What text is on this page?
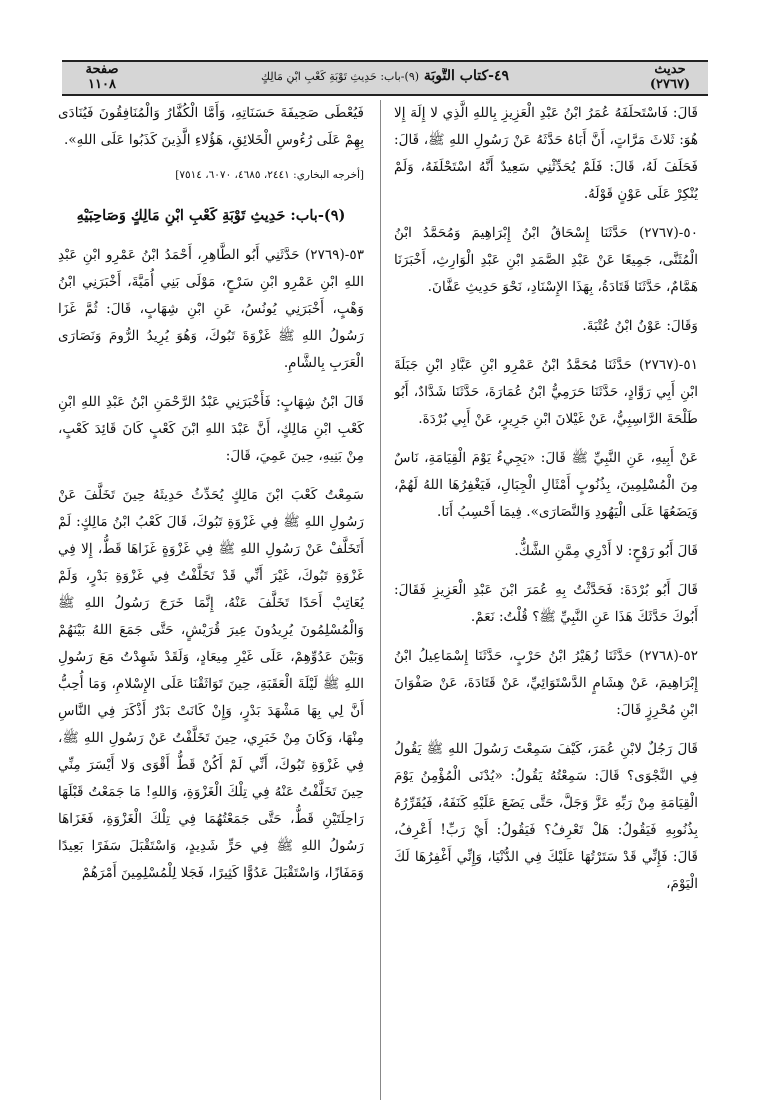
حديث
(٢٧٦٧)
٤٩-كتاب التَّوبَة (٩)-باب: حَدِيثِ تَوْبَةِ كَعْبِ ابْنِ مَالِكٍ
صفحة
١١٠٨

قَالَ: فَاسْتَحلَفَهُ عُمَرُ ابْنُ عَبْدِ الْعَزِيزِ بِاللهِ الَّذِي لا إِلَهَ إِلا هُوَ: ثَلاثَ مَرَّاتٍ، أَنَّ أَبَاهُ حَدَّثَهُ عَنْ رَسُولِ اللهِ ﷺ، قَالَ: فَحَلَفَ لَهُ، قَالَ: فَلَمْ يُحَدِّثْنِي سَعِيدٌ أَنَّهُ اسْتَحْلَفَهُ، وَلَمْ يُنْكِرْ عَلَى عَوْنٍ قَوْلَهُ.

٥٠-(٢٧٦٧) حَدَّثَنَا إِسْحَاقُ ابْنُ إِبْرَاهِيمَ وَمُحَمَّدُ ابْنُ الْمُثَنَّى، جَمِيعًا عَنْ عَبْدِ الصَّمَدِ ابْنِ عَبْدِ الْوَارِثِ، أَخْبَرَنَا هَمَّامٌ، حَدَّثَنَا قَتَادَةُ، بِهَذَا الإِسْنَادِ، نَحْوَ حَدِيثِ عَفَّانَ.

وَقَالَ: عَوْنُ ابْنُ عُتْبَةَ.

٥١-(٢٧٦٧) حَدَّثَنَا مُحَمَّدُ ابْنُ عَمْرِو ابْنِ عَبَّادِ ابْنِ جَبَلَةَ ابْنِ أَبِي رَوَّادٍ، حَدَّثَنَا حَرَمِيُّ ابْنُ عُمَارَةَ، حَدَّثَنَا شَدَّادٌ، أَبُو طَلْحَةَ الرَّاسِبِيُّ، عَنْ غَيْلانَ ابْنِ جَرِيرٍ، عَنْ أَبِي بُرْدَةَ.

عَنْ أَبِيهِ، عَنِ النَّبِيِّ ﷺ قَالَ: «يَجِيءُ يَوْمَ الْقِيَامَةِ، نَاسٌ مِنَ الْمُسْلِمِينَ، بِذُنُوبٍ أَمْثَالِ الْجِبَالِ، فَيَغْفِرُهَا اللهُ لَهُمْ، وَيَضَعُهَا عَلَى الْيَهُودِ وَالنَّصَارَى». فِيمَا أَحْسِبُ أَنَا.

قَالَ أَبُو رَوْحٍ: لا أَدْرِي مِمَّنِ الشَّكُّ.

قَالَ أَبُو بُرْدَةَ: فَحَدَّثْتُ بِهِ عُمَرَ ابْنَ عَبْدِ الْعَزِيزِ فَقَالَ: أَبُوكَ حَدَّثَكَ هَذَا عَنِ النَّبِيِّ ﷺ؟ قُلْتُ: نَعَمْ.

٥٢-(٢٧٦٨) حَدَّثَنَا زُهَيْرُ ابْنُ حَرْبٍ، حَدَّثَنَا إِسْمَاعِيلُ ابْنُ إِبْرَاهِيمَ، عَنْ هِشَامٍ الدَّسْتَوَائِيِّ، عَنْ قَتَادَةَ، عَنْ صَفْوَانَ ابْنِ مُحْرِزٍ قَالَ:

قَالَ رَجُلٌ لابْنِ عُمَرَ، كَيْفَ سَمِعْتَ رَسُولَ اللهِ ﷺ يَقُولُ فِي النَّجْوَى؟ قَالَ: سَمِعْتُهُ يَقُولُ: «يُدْنَى الْمُؤْمِنُ يَوْمَ الْقِيَامَةِ مِنْ رَبِّهِ عَزَّ وَجَلَّ، حَتَّى يَضَعَ عَلَيْهِ كَنَفَهُ، فَيُقَرِّرُهُ بِذُنُوبِهِ فَيَقُولُ: هَلْ تَعْرِفُ؟ فَيَقُولُ: أَيْ رَبِّ! أَعْرِفُ، قَالَ: فَإِنِّي قَدْ سَتَرْتُهَا عَلَيْكَ فِي الدُّنْيَا، وَإِنِّي أَغْفِرُهَا لَكَ الْيَوْمَ،

فَيُعْطَى صَحِيفَةَ حَسَنَاتِهِ، وَأَمَّا الْكُفَّارُ وَالْمُنَافِقُونَ فَيُنَادَى بِهِمْ عَلَى رُءُوسِ الْخَلائِقِ، هَؤُلاءِ الَّذِينَ كَذَبُوا عَلَى اللهِ».

[أخرجه البخاري: ٢٤٤١، ٤٦٨٥، ٦٠٧٠، ٧٥١٤]

(٩)-باب: حَدِيثِ تَوْبَةِ كَعْبِ ابْنِ مَالِكٍ وَصَاحِبَيْهِ

٥٣-(٢٧٦٩) حَدَّثَنِي أَبُو الطَّاهِرِ، أَحْمَدُ ابْنُ عَمْرِو ابْنِ عَبْدِ اللهِ ابْنِ عَمْرِو ابْنِ سَرْحٍ، مَوْلَى بَنِي أُمَيَّةَ، أَخْبَرَنِي ابْنُ وَهْبٍ، أَخْبَرَنِي يُونُسُ، عَنِ ابْنِ شِهَابٍ، قَالَ: ثُمَّ غَزَا رَسُولُ اللهِ ﷺ غَزْوَةَ تَبُوكَ، وَهُوَ يُرِيدُ الرُّومَ وَنَصَارَى الْعَرَبِ بِالشَّامِ.

قَالَ ابْنُ شِهَابٍ: فَأَخْبَرَنِي عَبْدُ الرَّحْمَنِ ابْنُ عَبْدِ اللهِ ابْنِ كَعْبِ ابْنِ مَالِكٍ، أَنَّ عَبْدَ اللهِ ابْنَ كَعْبٍ كَانَ قَائِدَ كَعْبٍ، مِنْ بَنِيهِ، حِينَ عَمِيَ، قَالَ:

سَمِعْتُ كَعْبَ ابْنَ مَالِكٍ يُحَدِّثُ حَدِيثَهُ حِينَ تَخَلَّفَ عَنْ رَسُولِ اللهِ ﷺ فِي غَزْوَةِ تَبُوكَ، قَالَ كَعْبُ ابْنُ مَالِكٍ: لَمْ أَتَخَلَّفْ عَنْ رَسُولِ اللهِ ﷺ فِي غَزْوَةٍ غَزَاهَا قَطُّ، إِلا فِي غَزْوَةِ تَبُوكَ، غَيْرَ أَنِّي قَدْ تَخَلَّفْتُ فِي غَزْوَةِ بَدْرٍ، وَلَمْ يُعَاتِبْ أَحَدًا تَخَلَّفَ عَنْهُ، إِنَّمَا خَرَجَ رَسُولُ اللهِ ﷺ وَالْمُسْلِمُونَ يُرِيدُونَ عِيرَ قُرَيْشٍ، حَتَّى جَمَعَ اللهُ بَيْنَهُمْ وَبَيْنَ عَدُوِّهِمْ، عَلَى غَيْرِ مِيعَادٍ، وَلَقَدْ شَهِدْتُ مَعَ رَسُولِ اللهِ ﷺ لَيْلَةَ الْعَقَبَةِ، حِينَ تَوَاثَقْنَا عَلَى الإِسْلامِ، وَمَا أُحِبُّ أَنَّ لِي بِهَا مَشْهَدَ بَدْرٍ، وَإِنْ كَانَتْ بَدْرٌ أَذْكَرَ فِي النَّاسِ مِنْهَا، وَكَانَ مِنْ خَبَرِي، حِينَ تَخَلَّفْتُ عَنْ رَسُولِ اللهِ ﷺ، فِي غَزْوَةِ تَبُوكَ، أَنِّي لَمْ أَكُنْ قَطُّ أَقْوَى وَلا أَيْسَرَ مِنِّي حِينَ تَخَلَّفْتُ عَنْهُ فِي تِلْكَ الْغَزْوَةِ، وَاللهِ! مَا جَمَعْتُ قَبْلَهَا رَاحِلَتَيْنِ قَطُّ، حَتَّى جَمَعْتُهُمَا فِي تِلْكَ الْغَزْوَةِ، فَغَزَاهَا رَسُولُ اللهِ ﷺ فِي حَرٍّ شَدِيدٍ، وَاسْتَقْبَلَ سَفَرًا بَعِيدًا وَمَفَازًا، وَاسْتَقْبَلَ عَدُوًّا كَثِيرًا، فَجَلا لِلْمُسْلِمِينَ أَمْرَهُمْ
